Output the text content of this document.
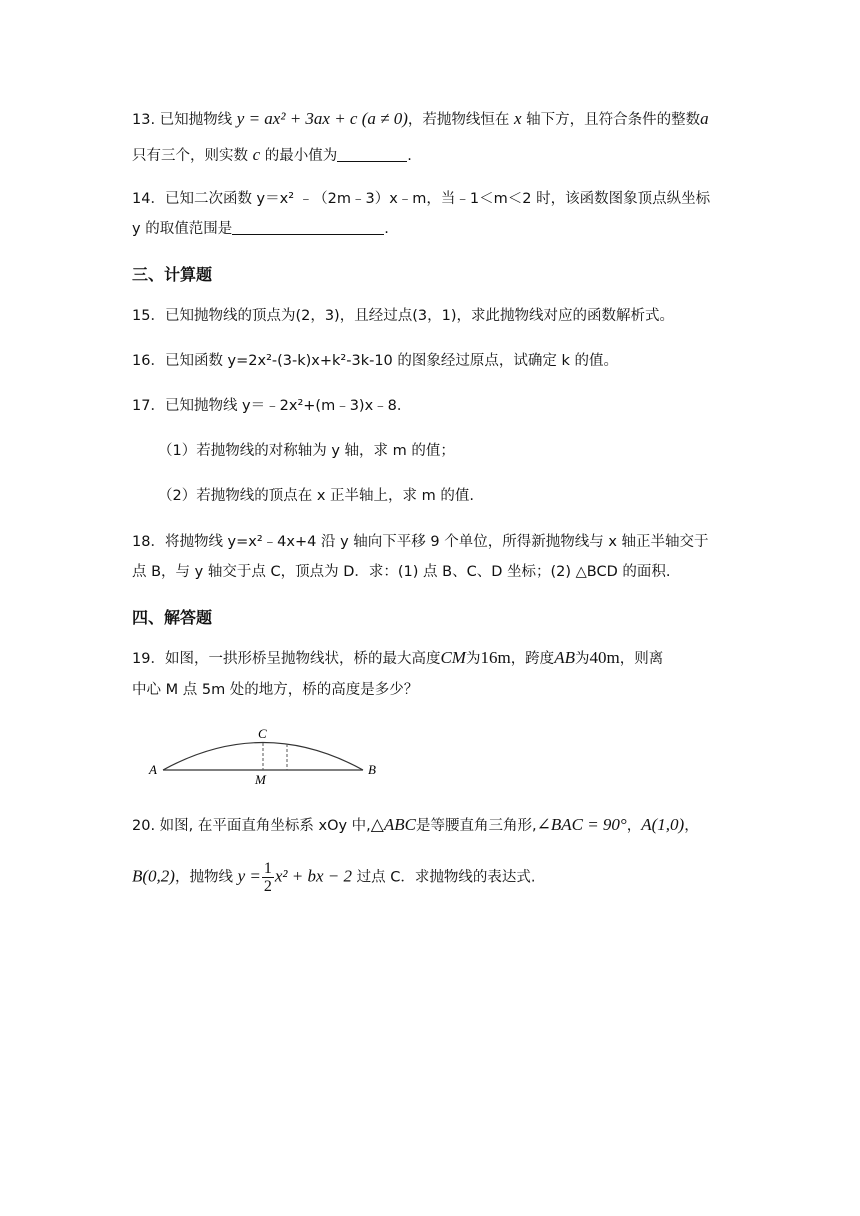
13. 已知抛物线 y = ax² + 3ax + c (a ≠ 0)，若抛物线恒在 x 轴下方，且符合条件的整数a
只有三个，则实数 c 的最小值为	.
14．已知二次函数 y＝x² ﹣（2m﹣3）x﹣m，当﹣1＜m＜2 时，该函数图象顶点纵坐标
y 的取值范围是	.
三、计算题
15．已知抛物线的顶点为(2，3)，且经过点(3，1)，求此抛物线对应的函数解析式。
16．已知函数 y=2x²-(3-k)x+k²-3k-10 的图象经过原点，试确定 k 的值。
17．已知抛物线 y＝﹣2x²+(m﹣3)x﹣8．
（1）若抛物线的对称轴为 y 轴，求 m 的值；
（2）若抛物线的顶点在 x 正半轴上，求 m 的值.
18．将抛物线 y=x²﹣4x+4 沿 y 轴向下平移 9 个单位，所得新抛物线与 x 轴正半轴交于
点 B，与 y 轴交于点 C，顶点为 D．求：(1) 点 B、C、D 坐标；(2) △BCD 的面积.
四、解答题
19．如图，一拱形桥呈抛物线状，桥的最大高度CM为16m，跨度AB为40m，则离
中心 M 点 5m 处的地方，桥的高度是多少？
A	B
C
M
20. 如图, 在平面直角坐标系 xOy 中,△ABC是等腰直角三角形,∠BAC = 90°，A(1,0)，
B(0,2)，抛物线 $y = \frac{1}{2} x^2$ + bx − 2 过点 C．求抛物线的表达式.
